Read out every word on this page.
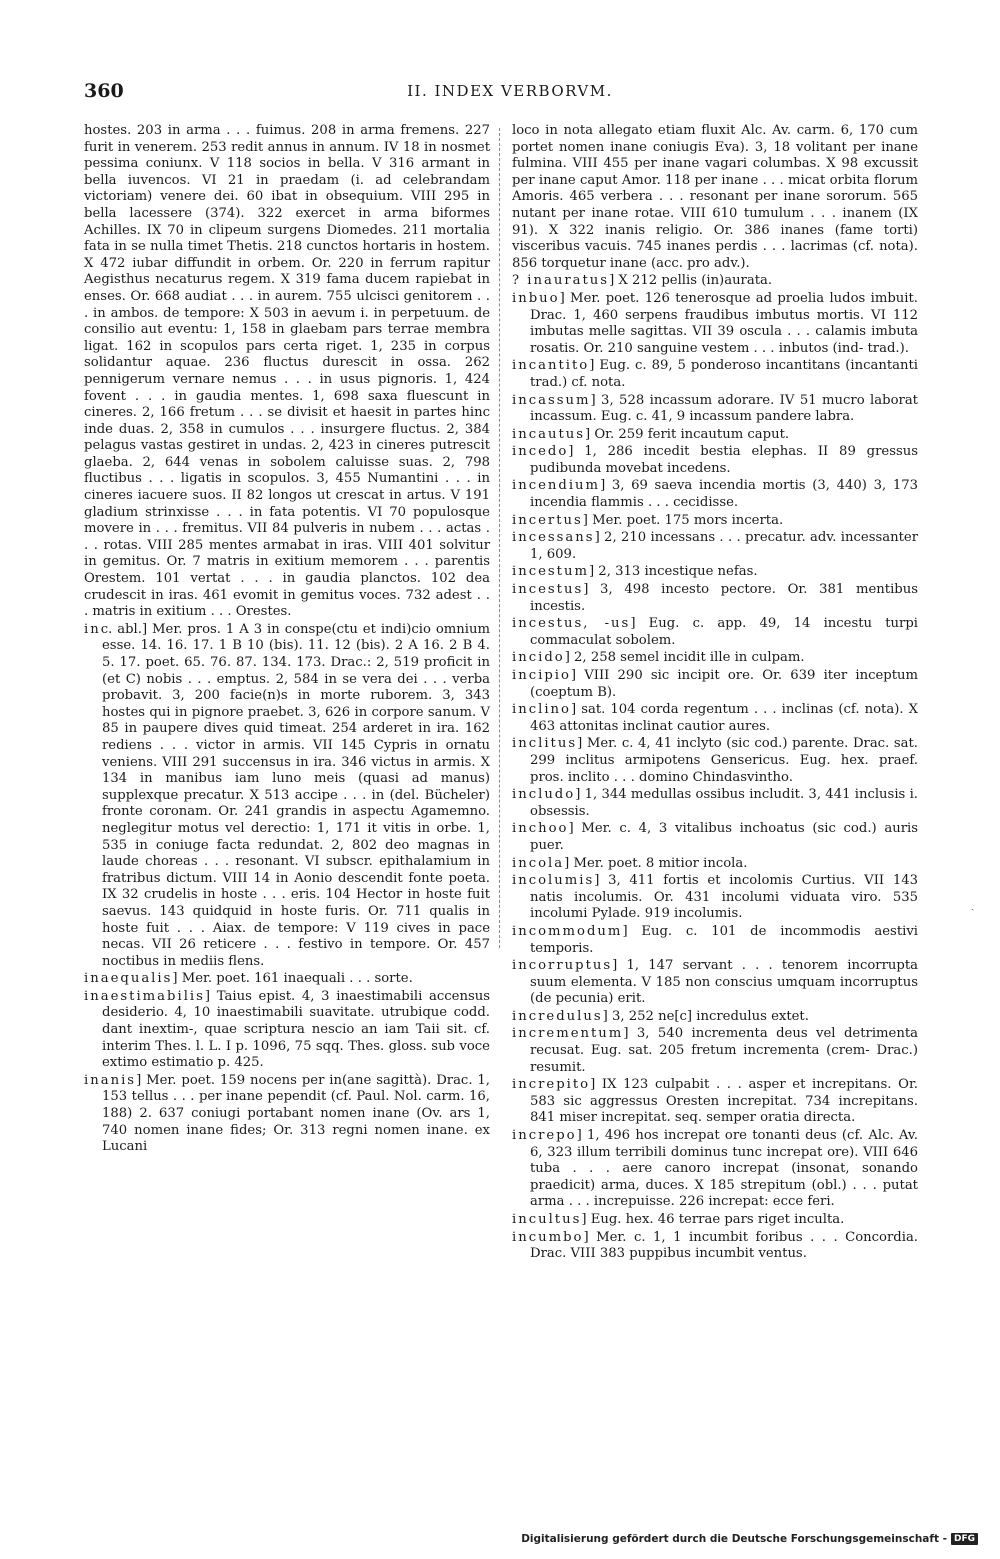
360	II. INDEX VERBORVM.

hostes. 203 in arma . . . fuimus. 208 in arma fremens. 227 furit in venerem. 253 redit annus in annum. IV 18 in nosmet pessima coniunx. V 118 socios in bella. V 316 armant in bella iuvencos. VI 21 in praedam (i. ad celebrandam victoriam) venere dei. 60 ibat in obsequium. VIII 295 in bella lacessere (374). 322 exercet in arma biformes Achilles. IX 70 in clipeum surgens Diomedes. 211 mortalia fata in se nulla timet Thetis. 218 cunctos hortaris in hostem. X 472 iubar diffundit in orbem. Or. 220 in ferrum rapitur Aegisthus necaturus regem. X 319 fama ducem rapiebat in enses. Or. 668 audiat . . . in aurem. 755 ulcisci genitorem . . . in ambos. de tempore: X 503 in aevum i. in perpetuum. de consilio aut eventu: 1, 158 in glaebam pars terrae membra ligat. 162 in scopulos pars certa riget. 1, 235 in corpus solidantur aquae. 236 fluctus durescit in ossa. 262 pennigerum vernare nemus . . . in usus pignoris. 1, 424 fovent . . . in gaudia mentes. 1, 698 saxa fluescunt in cineres. 2, 166 fretum . . . se divisit et haesit in partes hinc inde duas. 2, 358 in cumulos . . . insurgere fluctus. 2, 384 pelagus vastas gestiret in undas. 2, 423 in cineres putrescit glaeba. 2, 644 venas in sobolem caluisse suas. 2, 798 fluctibus . . . ligatis in scopulos. 3, 455 Numantini . . . in cineres iacuere suos. II 82 longos ut crescat in artus. V 191 gladium strinxisse . . . in fata potentis. VI 70 populosque movere in . . . fremitus. VII 84 pulveris in nubem . . . actas . . . rotas. VIII 285 mentes armabat in iras. VIII 401 solvitur in gemitus. Or. 7 matris in exitium memorem . . . parentis Orestem. 101 vertat . . . in gaudia planctos. 102 dea crudescit in iras. 461 evomit in gemitus voces. 732 adest . . . matris in exitium . . . Orestes.

inc. abl.] Mer. pros. 1 A 3 in conspe(ctu et indi)cio omnium esse. 14. 16. 17. 1 B 10 (bis). 11. 12 (bis). 2 A 16. 2 B 4. 5. 17. poet. 65. 76. 87. 134. 173. Drac.: 2, 519 proficit in (et C) nobis . . . emptus. 2, 584 in se vera dei . . . verba probavit. 3, 200 facie(n)s in morte ruborem. 3, 343 hostes qui in pignore praebet. 3, 626 in corpore sanum. V 85 in paupere dives quid timeat. 254 arderet in ira. 162 rediens . . . victor in armis. VII 145 Cypris in ornatu veniens. VIII 291 succensus in ira. 346 victus in armis. X 134 in manibus iam luno meis (quasi ad manus) supplexque precatur. X 513 accipe . . . in (del. Bücheler) fronte coronam. Or. 241 grandis in aspectu Agamemno. neglegitur motus vel derectio: 1, 171 it vitis in orbe. 1, 535 in coniuge facta redundat. 2, 802 deo magnas in laude choreas . . . resonant. VI subscr. epithalamium in fratribus dictum. VIII 14 in Aonio descendit fonte poeta. IX 32 crudelis in hoste . . . eris. 104 Hector in hoste fuit saevus. 143 quidquid in hoste furis. Or. 711 qualis in hoste fuit . . . Aiax. de tempore: V 119 cives in pace necas. VII 26 reticere . . . festivo in tempore. Or. 457 noctibus in mediis flens.

inaequalis] Mer. poet. 161 inaequali . . . sorte.

inaestimabilis] Taius epist. 4, 3 inaestimabili accensus desiderio. 4, 10 inaestimabili suavitate. utrubique codd. dant inextim-, quae scriptura nescio an iam Taii sit. cf. interim Thes. l. L. I p. 1096, 75 sqq. Thes. gloss. sub voce extimo estimatio p. 425.

inanis] Mer. poet. 159 nocens per in(ane sagittà). Drac. 1, 153 tellus . . . per inane pependit (cf. Paul. Nol. carm. 16, 188) 2. 637 coniugi portabant nomen inane (Ov. ars 1, 740 nomen inane fides; Or. 313 regni nomen inane. ex Lucani

loco in nota allegato etiam fluxit Alc. Av. carm. 6, 170 cum portet nomen inane coniugis Eva). 3, 18 volitant per inane fulmina. VIII 455 per inane vagari columbas. X 98 excussit per inane caput Amor. 118 per inane . . . micat orbita florum Amoris. 465 verbera . . . resonant per inane sororum. 565 nutant per inane rotae. VIII 610 tumulum . . . inanem (IX 91). X 322 inanis religio. Or. 386 inanes (fame torti) visceribus vacuis. 745 inanes perdis . . . lacrimas (cf. nota). 856 torquetur inane (acc. pro adv.).

? inauratus] X 212 pellis (in)aurata.

inbuo] Mer. poet. 126 tenerosque ad proelia ludos imbuit. Drac. 1, 460 serpens fraudibus imbutus mortis. VI 112 imbutas melle sagittas. VII 39 oscula . . . calamis imbuta rosatis. Or. 210 sanguine vestem . . . inbutos (ind- trad.).

incantito] Eug. c. 89, 5 ponderoso incantitans (incantanti trad.) cf. nota.

incassum] 3, 528 incassum adorare. IV 51 mucro laborat incassum. Eug. c. 41, 9 incassum pandere labra.

incautus] Or. 259 ferit incautum caput.

incedo] 1, 286 incedit bestia elephas. II 89 gressus pudibunda movebat incedens.

incendium] 3, 69 saeva incendia mortis (3, 440) 3, 173 incendia flammis . . . cecidisse.

incertus] Mer. poet. 175 mors incerta.

incessans] 2, 210 incessans . . . precatur. adv. incessanter 1, 609.

incestum] 2, 313 incestique nefas.

incestus] 3, 498 incesto pectore. Or. 381 mentibus incestis.

incestus, -us] Eug. c. app. 49, 14 incestu turpi commaculat sobolem.

incido] 2, 258 semel incidit ille in culpam.

incipio] VIII 290 sic incipit ore. Or. 639 iter inceptum (coeptum B).

inclino] sat. 104 corda regentum . . . inclinas (cf. nota). X 463 attonitas inclinat cautior aures.

inclitus] Mer. c. 4, 41 inclyto (sic cod.) parente. Drac. sat. 299 inclitus armipotens Gensericus. Eug. hex. praef. pros. inclito . . . domino Chindasvintho.

includo] 1, 344 medullas ossibus includit. 3, 441 inclusis i. obsessis.

inchoo] Mer. c. 4, 3 vitalibus inchoatus (sic cod.) auris puer.

incola] Mer. poet. 8 mitior incola.

incolumis] 3, 411 fortis et incolomis Curtius. VII 143 natis incolumis. Or. 431 incolumi viduata viro. 535 incolumi Pylade. 919 incolumis.

incommodum] Eug. c. 101 de incommodis aestivi temporis.

incorruptus] 1, 147 servant . . . tenorem incorrupta suum elementa. V 185 non conscius umquam incorruptus (de pecunia) erit.

incredulus] 3, 252 ne[c] incredulus extet.

incrementum] 3, 540 incrementa deus vel detrimenta recusat. Eug. sat. 205 fretum incrementa (crem- Drac.) resumit.

increpito] IX 123 culpabit . . . asper et increpitans. Or. 583 sic aggressus Oresten increpitat. 734 increpitans. 841 miser increpitat. seq. semper oratia directa.

increpo] 1, 496 hos increpat ore tonanti deus (cf. Alc. Av. 6, 323 illum terribili dominus tunc increpat ore). VIII 646 tuba . . . aere canoro increpat (insonat, sonando praedicit) arma, duces. X 185 strepitum (obl.) . . . putat arma . . . increpuisse. 226 increpat: ecce feri.

incultus] Eug. hex. 46 terrae pars riget inculta.

incumbo] Mer. c. 1, 1 incumbit foribus . . . Concordia. Drac. VIII 383 puppibus incumbit ventus.

ˏ
Digitalisierung gefördert durch die Deutsche Forschungsgemeinschaft - DFG
